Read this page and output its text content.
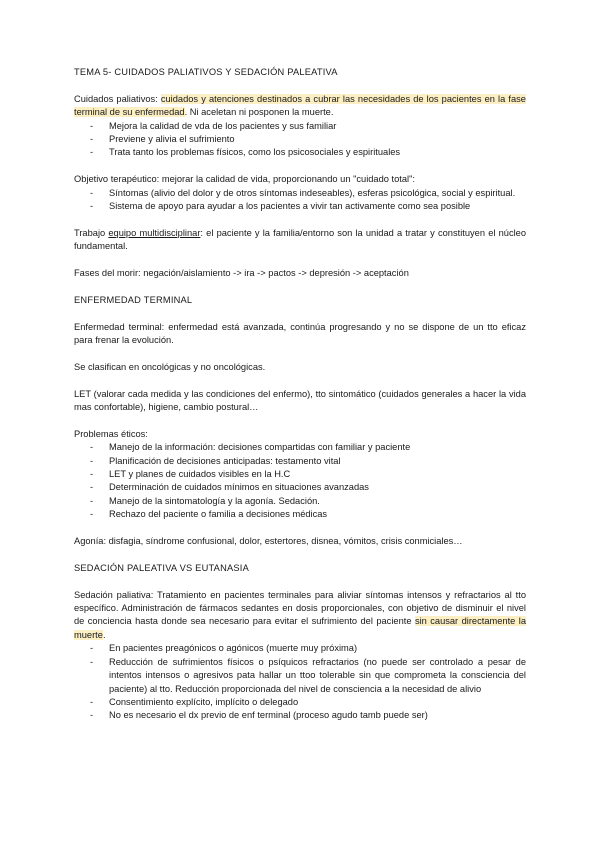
TEMA 5- CUIDADOS PALIATIVOS Y SEDACIÓN PALEATIVA

Cuidados paliativos: cuidados y atenciones destinados a cubrar las necesidades de los pacientes en la fase terminal de su enfermedad. Ni aceletan ni posponen la muerte.

- Mejora la calidad de vda de los pacientes y sus familiar
- Previene y alivia el sufrimiento
- Trata tanto los problemas físicos, como los psicosociales y espirituales

Objetivo terapéutico: mejorar la calidad de vida, proporcionando un "cuidado total":

- Síntomas (alivio del dolor y de otros síntomas indeseables), esferas psicológica, social y espiritual.
- Sistema de apoyo para ayudar a los pacientes a vivir tan activamente como sea posible

Trabajo equipo multidisciplinar: el paciente y la familia/entorno son la unidad a tratar y constituyen el núcleo fundamental.

Fases del morir: negación/aislamiento -> ira -> pactos -> depresión -> aceptación

ENFERMEDAD TERMINAL

Enfermedad terminal: enfermedad está avanzada, continúa progresando y no se dispone de un tto eficaz para frenar la evolución.

Se clasifican en oncológicas y no oncológicas.

LET (valorar cada medida y las condiciones del enfermo), tto sintomático (cuidados generales a hacer la vida mas confortable), higiene, cambio postural…

Problemas éticos:

- Manejo de la información: decisiones compartidas con familiar y paciente
- Planificación de decisiones anticipadas: testamento vital
- LET y planes de cuidados visibles en la H.C
- Determinación de cuidados mínimos en situaciones avanzadas
- Manejo de la sintomatología y la agonía. Sedación.
- Rechazo del paciente o familia a decisiones médicas

Agonía: disfagia, síndrome confusional, dolor, estertores, disnea, vómitos, crisis conmiciales…

SEDACIÓN PALEATIVA VS EUTANASIA

Sedación paliativa: Tratamiento en pacientes terminales para aliviar síntomas intensos y refractarios al tto específico. Administración de fármacos sedantes en dosis proporcionales, con objetivo de disminuir el nivel de conciencia hasta donde sea necesario para evitar el sufrimiento del paciente sin causar directamente la muerte.

- En pacientes preagónicos o agónicos (muerte muy próxima)
- Reducción de sufrimientos físicos o psíquicos refractarios (no puede ser controlado a pesar de intentos intensos o agresivos pata hallar un ttoo tolerable sin que comprometa la consciencia del paciente) al tto. Reducción proporcionada del nivel de consciencia a la necesidad de alivio
- Consentimiento explícito, implícito o delegado
- No es necesario el dx previo de enf terminal (proceso agudo tamb puede ser)
